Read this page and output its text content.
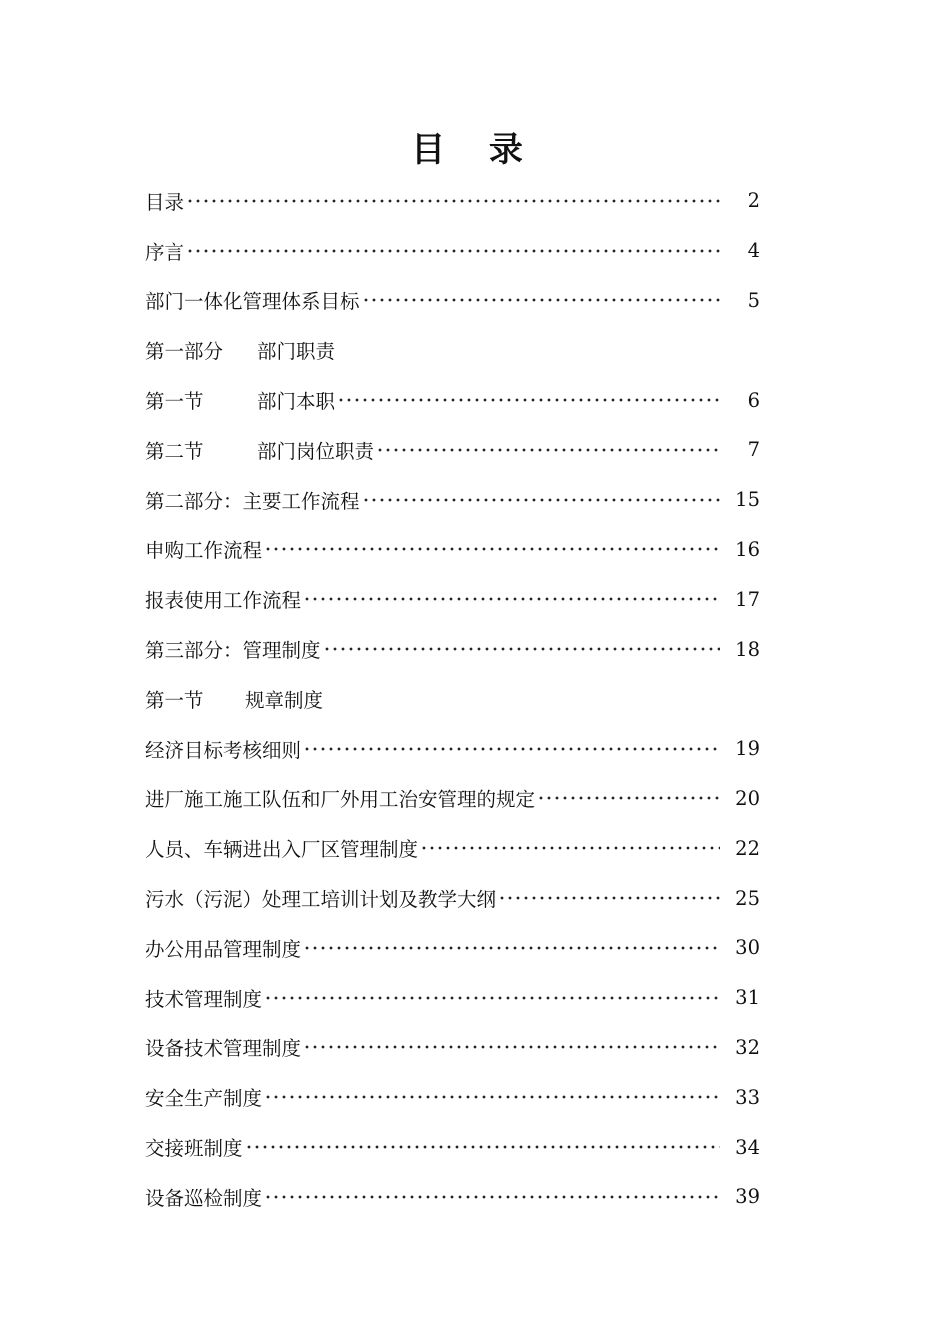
目 录
目录	2
序言	4
部门一体化管理体系目标	5
第一部分	部门职责
第一节	部门本职	6
第二节	部门岗位职责	7
第二部分：主要工作流程	15
申购工作流程	16
报表使用工作流程	17
第三部分：管理制度	18
第一节	规章制度
经济目标考核细则	19
进厂施工施工队伍和厂外用工治安管理的规定	20
人员、车辆进出入厂区管理制度	22
污水（污泥）处理工培训计划及教学大纲	25
办公用品管理制度	30
技术管理制度	31
设备技术管理制度	32
安全生产制度	33
交接班制度	34
设备巡检制度	39
